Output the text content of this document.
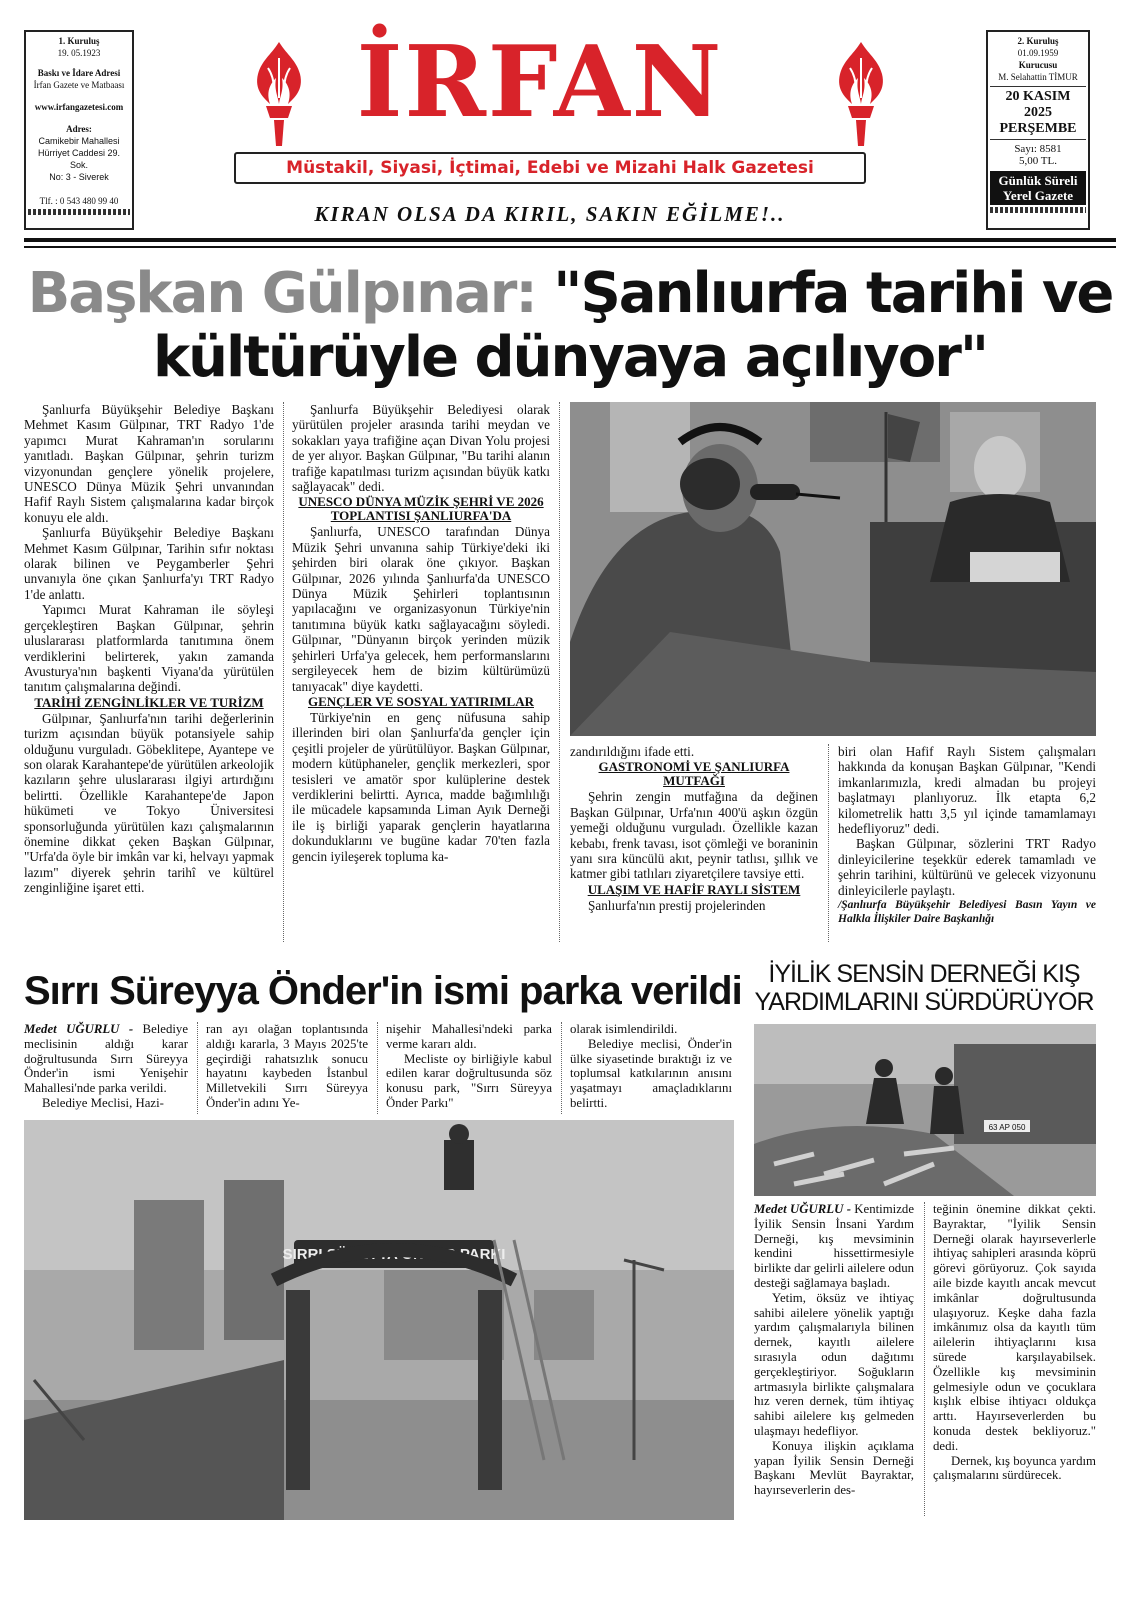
1. Kuruluş
19. 05.1923
Baskı ve İdare Adresi
İrfan Gazete ve Matbaası
www.irfangazetesi.com
Adres:
Camikebir Mahallesi
Hürriyet Caddesi 29. Sok.
No: 3 - Siverek
Tlf. : 0 543 480 99 40
İRFAN
Müstakil, Siyasi, İçtimai, Edebi ve Mizahi Halk Gazetesi
KIRAN OLSA DA KIRIL, SAKIN EĞİLME!..
2. Kuruluş
01.09.1959
Kurucusu
M. Selahattin TİMUR
20 KASIM
2025
PERŞEMBE
Sayı: 8581
5,00 TL.
Günlük Süreli
Yerel Gazete
Başkan Gülpınar: "Şanlıurfa tarihi ve
kültürüyle dünyaya açılıyor"

Şanlıurfa Büyükşehir Belediye Başkanı Mehmet Kasım Gülpınar, TRT Radyo 1'de yapımcı Murat Kahraman'ın sorularını yanıtladı. Başkan Gülpınar, şehrin turizm vizyonundan gençlere yönelik projelere, UNESCO Dünya Müzik Şehri unvanından Hafif Raylı Sistem çalışmalarına kadar birçok konuyu ele aldı.

Şanlıurfa Büyükşehir Belediye Başkanı Mehmet Kasım Gülpınar, Tarihin sıfır noktası olarak bilinen ve Peygamberler Şehri unvanıyla öne çıkan Şanlıurfa'yı TRT Radyo 1'de anlattı.

Yapımcı Murat Kahraman ile söyleşi gerçekleştiren Başkan Gülpınar, şehrin uluslararası platformlarda tanıtımına önem verdiklerini belirterek, yakın zamanda Avusturya'nın başkenti Viyana'da yürütülen tanıtım çalışmalarına değindi.

TARİHİ ZENGİNLİKLER VE TURİZM

Gülpınar, Şanlıurfa'nın tarihi değerlerinin turizm açısından büyük potansiyele sahip olduğunu vurguladı. Göbeklitepe, Ayantepe ve son olarak Karahantepe'de yürütülen arkeolojik kazıların şehre uluslararası ilgiyi artırdığını belirtti. Özellikle Karahantepe'de Japon hükümeti ve Tokyo Üniversitesi sponsorluğunda yürütülen kazı çalışmalarının önemine dikkat çeken Başkan Gülpınar, "Urfa'da öyle bir imkân var ki, helvayı yapmak lazım" diyerek şehrin tarihî ve kültürel zenginliğine işaret etti.

Şanlıurfa Büyükşehir Belediyesi olarak yürütülen projeler arasında tarihi meydan ve sokakları yaya trafiğine açan Divan Yolu projesi de yer alıyor. Başkan Gülpınar, "Bu tarihi alanın trafiğe kapatılması turizm açısından büyük katkı sağlayacak" dedi.

UNESCO DÜNYA MÜZİK ŞEHRİ VE 2026 TOPLANTISI ŞANLIURFA'DA

Şanlıurfa, UNESCO tarafından Dünya Müzik Şehri unvanına sahip Türkiye'deki iki şehirden biri olarak öne çıkıyor. Başkan Gülpınar, 2026 yılında Şanlıurfa'da UNESCO Dünya Müzik Şehirleri toplantısının yapılacağını ve organizasyonun Türkiye'nin tanıtımına büyük katkı sağlayacağını söyledi. Gülpınar, "Dünyanın birçok yerinden müzik şehirleri Urfa'ya gelecek, hem performanslarını sergileyecek hem de bizim kültürümüzü tanıyacak" diye kaydetti.

GENÇLER VE SOSYAL YATIRIMLAR

Türkiye'nin en genç nüfusuna sahip illerinden biri olan Şanlıurfa'da gençler için çeşitli projeler de yürütülüyor. Başkan Gülpınar, modern kütüphaneler, gençlik merkezleri, spor tesisleri ve amatör spor kulüplerine destek verdiklerini belirtti. Ayrıca, madde bağımlılığı ile mücadele kapsamında Liman Ayık Derneği ile iş birliği yaparak gençlerin hayatlarına dokunduklarını ve bugüne kadar 70'ten fazla gencin iyileşerek topluma ka-

zandırıldığını ifade etti.

GASTRONOMİ VE ŞANLIURFA MUTFAĞI

Şehrin zengin mutfağına da değinen Başkan Gülpınar, Urfa'nın 400'ü aşkın özgün yemeği olduğunu vurguladı. Özellikle kazan kebabı, frenk tavası, isot çömleği ve boraninin yanı sıra küncülü akıt, peynir tatlısı, şıllık ve katmer gibi tatlıları ziyaretçilere tavsiye etti.

ULAŞIM VE HAFİF RAYLI SİSTEM

Şanlıurfa'nın prestij projelerinden

biri olan Hafif Raylı Sistem çalışmaları hakkında da konuşan Başkan Gülpınar, "Kendi imkanlarımızla, kredi almadan bu projeyi başlatmayı planlıyoruz. İlk etapta 6,2 kilometrelik hattı 3,5 yıl içinde tamamlamayı hedefliyoruz" dedi.

Başkan Gülpınar, sözlerini TRT Radyo dinleyicilerine teşekkür ederek tamamladı ve şehrin tarihini, kültürünü ve gelecek vizyonunu dinleyicilerle paylaştı.

/Şanlıurfa Büyükşehir Belediyesi Basın Yayın ve Halkla İlişkiler Daire Başkanlığı
Sırrı Süreyya Önder'in ismi parka verildi

Medet UĞURLU - Belediye meclisinin aldığı karar doğrultusunda Sırrı Süreyya Önder'in ismi Yenişehir Mahallesi'nde parka verildi.

Belediye Meclisi, Hazi-

ran ayı olağan toplantısında aldığı kararla, 3 Mayıs 2025'te geçirdiği rahatsızlık sonucu hayatını kaybeden İstanbul Milletvekili Sırrı Süreyya Önder'in adını Ye-

nişehir Mahallesi'ndeki parka verme kararı aldı.

Mecliste oy birliğiyle kabul edilen karar doğrultusunda söz konusu park, "Sırrı Süreyya Önder Parkı"

olarak isimlendirildi.

Belediye meclisi, Önder'in ülke siyasetinde bıraktığı iz ve toplumsal katkılarının anısını yaşatmayı amaçladıklarını belirtti.

SIRRI SÜREYYA ÖNDER PARKI
İYİLİK SENSİN DERNEĞİ KIŞ
YARDIMLARINI SÜRDÜRÜYOR
63 AP 050

Medet UĞURLU - Kentimizde İyilik Sensin İnsani Yardım Derneği, kış mevsiminin kendini hissettirmesiyle birlikte dar gelirli ailelere odun desteği sağlamaya başladı.

Yetim, öksüz ve ihtiyaç sahibi ailelere yönelik yaptığı yardım çalışmalarıyla bilinen dernek, kayıtlı ailelere sırasıyla odun dağıtımı gerçekleştiriyor. Soğukların artmasıyla birlikte çalışmalara hız veren dernek, tüm ihtiyaç sahibi ailelere kış gelmeden ulaşmayı hedefliyor.

Konuya ilişkin açıklama yapan İyilik Sensin Derneği Başkanı Mevlüt Bayraktar, hayırseverlerin des-

teğinin önemine dikkat çekti. Bayraktar, "İyilik Sensin Derneği olarak hayırseverlerle ihtiyaç sahipleri arasında köprü görevi görüyoruz. Çok sayıda aile bizde kayıtlı ancak mevcut imkânlar doğrultusunda ulaşıyoruz. Keşke daha fazla imkânımız olsa da kayıtlı tüm ailelerin ihtiyaçlarını kısa sürede karşılayabilsek. Özellikle kış mevsiminin gelmesiyle odun ve çocuklara kışlık elbise ihtiyacı oldukça arttı. Hayırseverlerden bu konuda destek bekliyoruz." dedi.

Dernek, kış boyunca yardım çalışmalarını sürdürecek.
